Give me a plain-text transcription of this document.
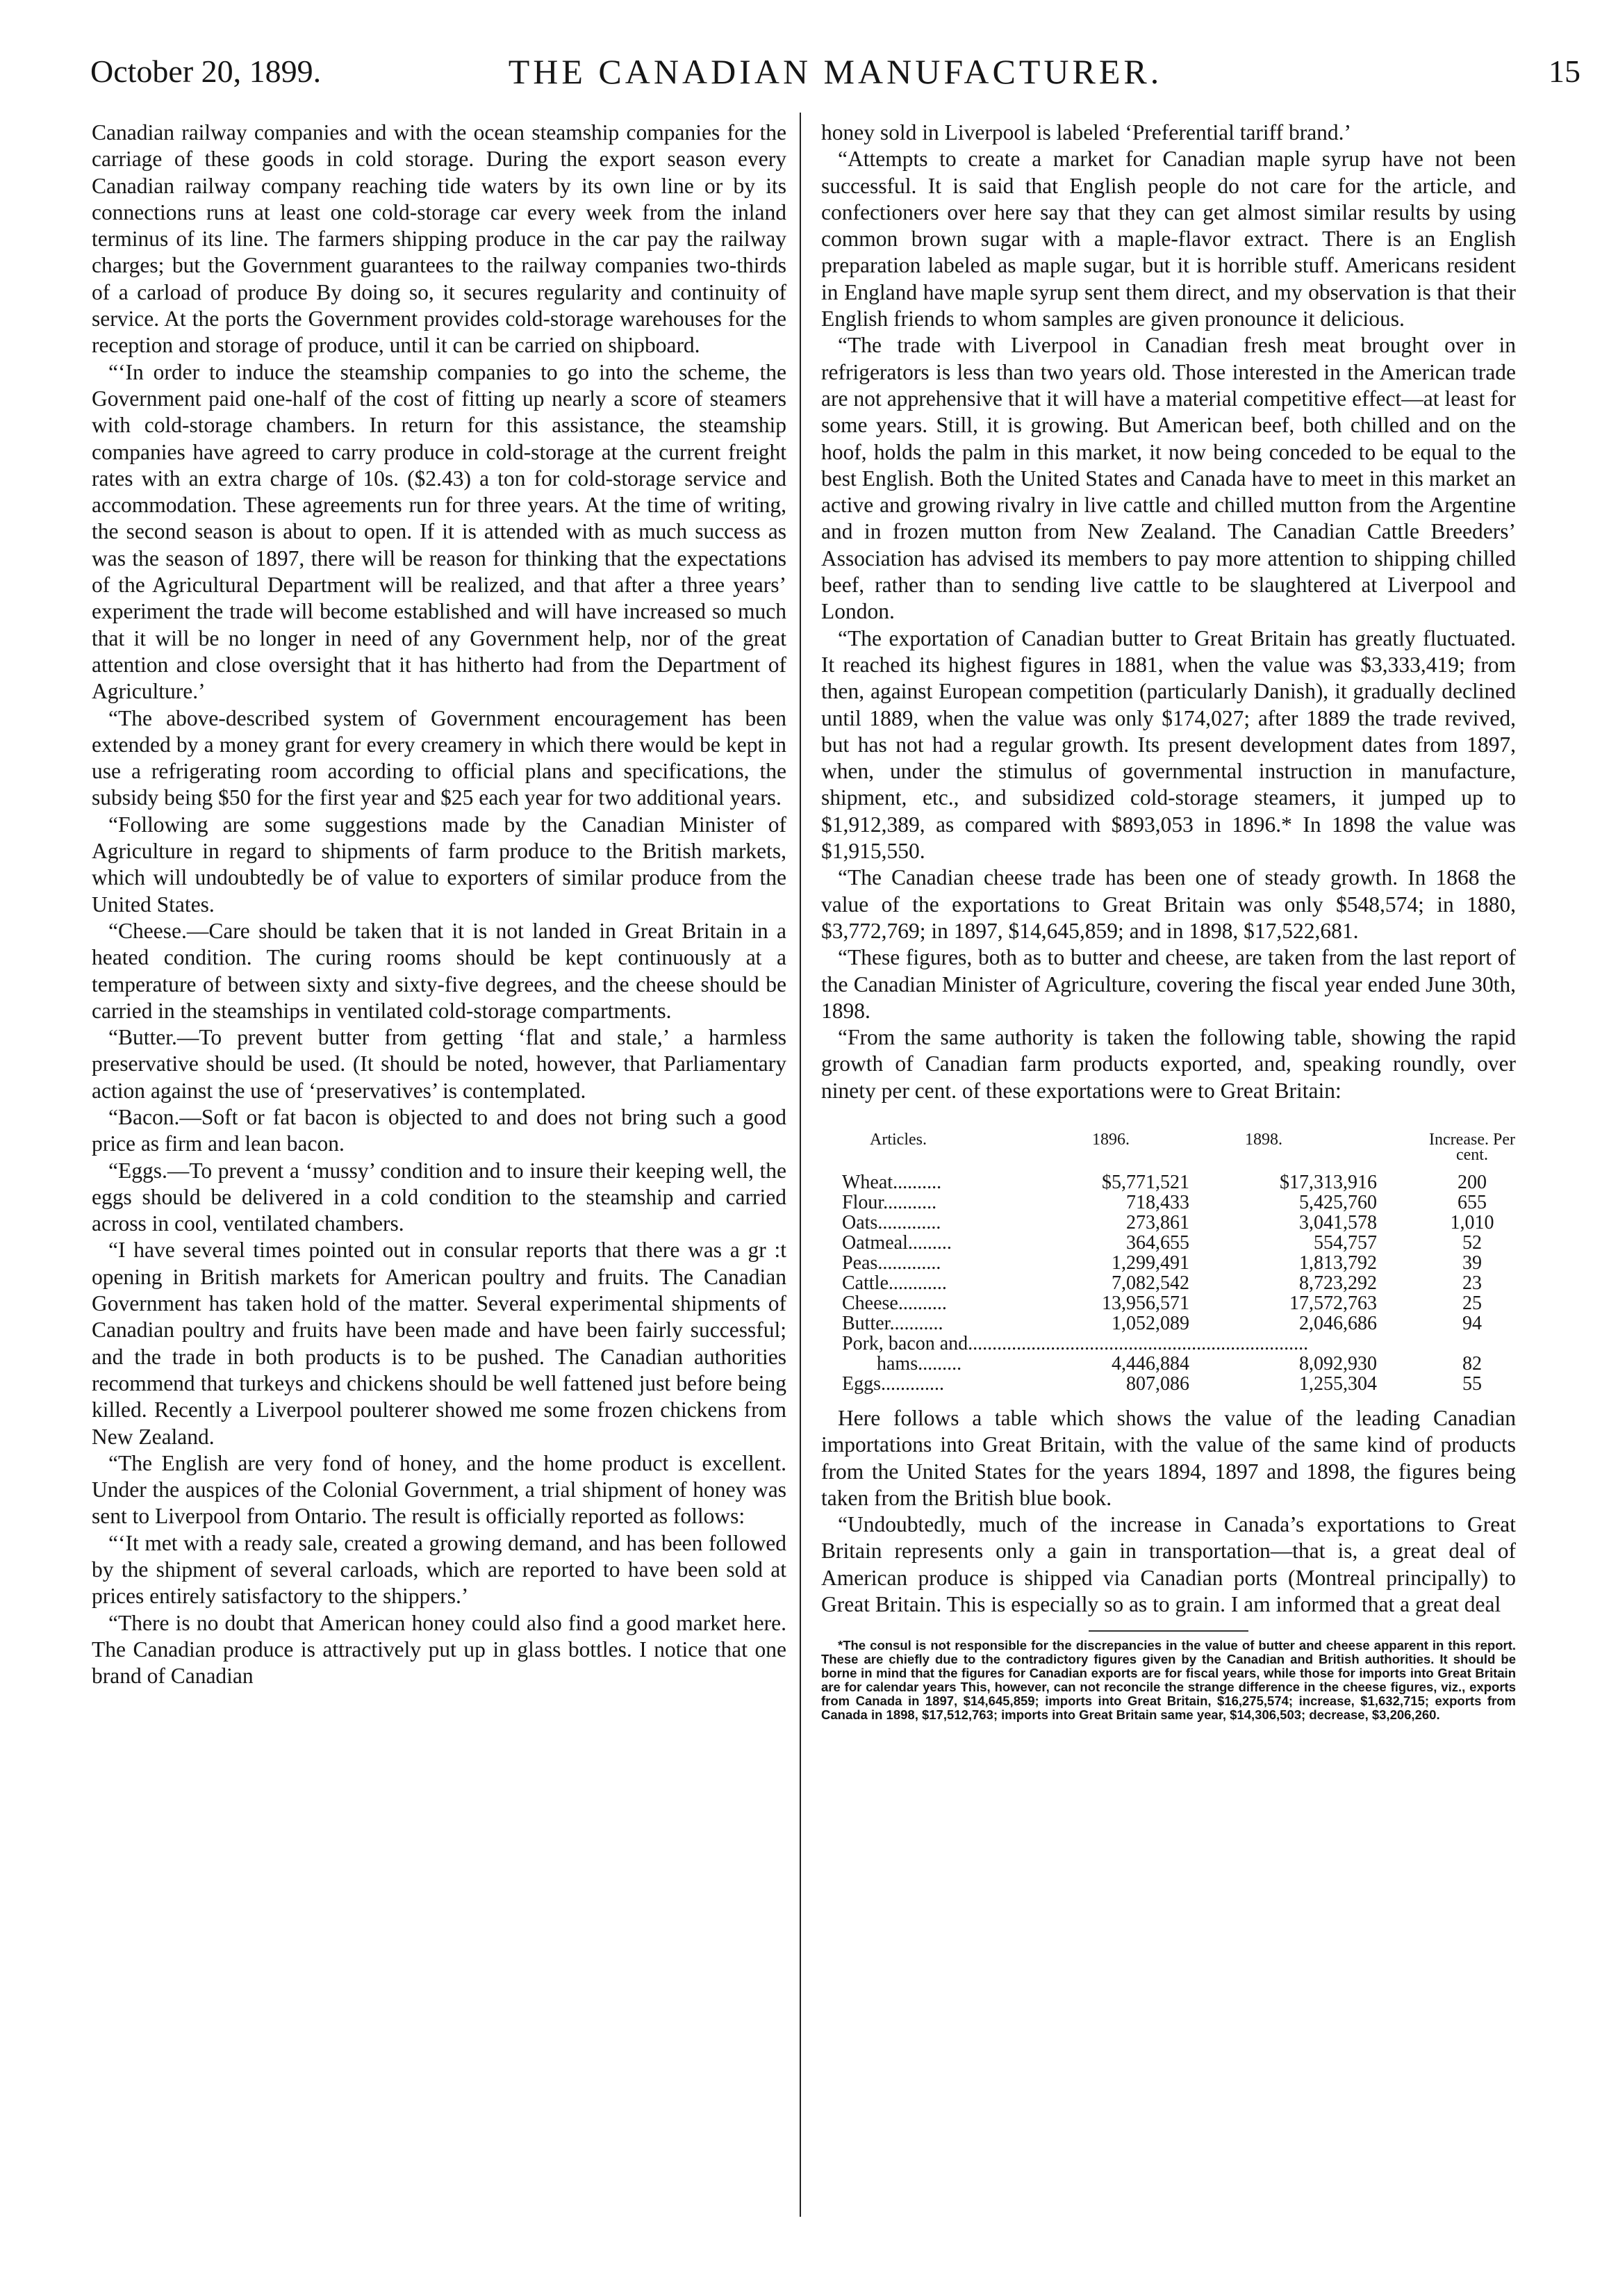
October 20, 1899.	THE CANADIAN MANUFACTURER.	15

Canadian railway companies and with the ocean steamship companies for the carriage of these goods in cold storage. During the export season every Canadian railway company reaching tide waters by its own line or by its connections runs at least one cold-storage car every week from the inland terminus of its line. The farmers shipping produce in the car pay the railway charges; but the Government guarantees to the railway companies two-thirds of a carload of produce By doing so, it secures regularity and continuity of service. At the ports the Government provides cold-storage warehouses for the reception and storage of produce, until it can be carried on shipboard.

“‘In order to induce the steamship companies to go into the scheme, the Government paid one-half of the cost of fitting up nearly a score of steamers with cold-storage chambers. In return for this assistance, the steamship companies have agreed to carry produce in cold-storage at the current freight rates with an extra charge of 10s. ($2.43) a ton for cold-storage service and accommodation. These agreements run for three years. At the time of writing, the second season is about to open. If it is attended with as much success as was the season of 1897, there will be reason for thinking that the expectations of the Agricultural Department will be realized, and that after a three years’ experiment the trade will become established and will have increased so much that it will be no longer in need of any Government help, nor of the great attention and close oversight that it has hitherto had from the Department of Agriculture.’

“The above-described system of Government encouragement has been extended by a money grant for every creamery in which there would be kept in use a refrigerating room according to official plans and specifications, the subsidy being $50 for the first year and $25 each year for two additional years.

“Following are some suggestions made by the Canadian Minister of Agriculture in regard to shipments of farm produce to the British markets, which will undoubtedly be of value to exporters of similar produce from the United States.

“Cheese.—Care should be taken that it is not landed in Great Britain in a heated condition. The curing rooms should be kept continuously at a temperature of between sixty and sixty-five degrees, and the cheese should be carried in the steamships in ventilated cold-storage compartments.

“Butter.—To prevent butter from getting ‘flat and stale,’ a harmless preservative should be used. (It should be noted, however, that Parliamentary action against the use of ‘preservatives’ is contemplated.

“Bacon.—Soft or fat bacon is objected to and does not bring such a good price as firm and lean bacon.

“Eggs.—To prevent a ‘mussy’ condition and to insure their keeping well, the eggs should be delivered in a cold condition to the steamship and carried across in cool, ventilated chambers.

“I have several times pointed out in consular reports that there was a gr :t opening in British markets for American poultry and fruits. The Canadian Government has taken hold of the matter. Several experimental shipments of Canadian poultry and fruits have been made and have been fairly successful; and the trade in both products is to be pushed. The Canadian authorities recommend that turkeys and chickens should be well fattened just before being killed. Recently a Liverpool poulterer showed me some frozen chickens from New Zealand.

“The English are very fond of honey, and the home product is excellent. Under the auspices of the Colonial Government, a trial shipment of honey was sent to Liverpool from Ontario. The result is officially reported as follows:

“‘It met with a ready sale, created a growing demand, and has been followed by the shipment of several carloads, which are reported to have been sold at prices entirely satisfactory to the shippers.’

“There is no doubt that American honey could also find a good market here. The Canadian produce is attractively put up in glass bottles. I notice that one brand of Canadian

honey sold in Liverpool is labeled ‘Preferential tariff brand.’

“Attempts to create a market for Canadian maple syrup have not been successful. It is said that English people do not care for the article, and confectioners over here say that they can get almost similar results by using common brown sugar with a maple-flavor extract. There is an English preparation labeled as maple sugar, but it is horrible stuff. Americans resident in England have maple syrup sent them direct, and my observation is that their English friends to whom samples are given pronounce it delicious.

“The trade with Liverpool in Canadian fresh meat brought over in refrigerators is less than two years old. Those interested in the American trade are not apprehensive that it will have a material competitive effect—at least for some years. Still, it is growing. But American beef, both chilled and on the hoof, holds the palm in this market, it now being conceded to be equal to the best English. Both the United States and Canada have to meet in this market an active and growing rivalry in live cattle and chilled mutton from the Argentine and in frozen mutton from New Zealand. The Canadian Cattle Breeders’ Association has advised its members to pay more attention to shipping chilled beef, rather than to sending live cattle to be slaughtered at Liverpool and London.

“The exportation of Canadian butter to Great Britain has greatly fluctuated. It reached its highest figures in 1881, when the value was $3,333,419; from then, against European competition (particularly Danish), it gradually declined until 1889, when the value was only $174,027; after 1889 the trade revived, but has not had a regular growth. Its present development dates from 1897, when, under the stimulus of governmental instruction in manufacture, shipment, etc., and subsidized cold-storage steamers, it jumped up to $1,912,389, as compared with $893,053 in 1896.* In 1898 the value was $1,915,550.

“The Canadian cheese trade has been one of steady growth. In 1868 the value of the exportations to Great Britain was only $548,574; in 1880, $3,772,769; in 1897, $14,645,859; and in 1898, $17,522,681.

“These figures, both as to butter and cheese, are taken from the last report of the Canadian Minister of Agriculture, covering the fiscal year ended June 30th, 1898.

“From the same authority is taken the following table, showing the rapid growth of Canadian farm products exported, and, speaking roundly, over ninety per cent. of these exportations were to Great Britain:

Articles.	1896.	1898.	Increase. Per cent.
Wheat..........	$5,771,521	$17,313,916	200
Flour...........	718,433	5,425,760	655
Oats.............	273,861	3,041,578	1,010
Oatmeal.........	364,655	554,757	52
Peas.............	1,299,491	1,813,792	39
Cattle............	7,082,542	8,723,292	23
Cheese..........	13,956,571	17,572,763	25
Butter...........	1,052,089	2,046,686	94
Pork, bacon and......................................................................
hams.........	4,446,884	8,092,930	82
Eggs.............	807,086	1,255,304	55

Here follows a table which shows the value of the leading Canadian importations into Great Britain, with the value of the same kind of products from the United States for the years 1894, 1897 and 1898, the figures being taken from the British blue book.

“Undoubtedly, much of the increase in Canada’s exportations to Great Britain represents only a gain in transportation—that is, a great deal of American produce is shipped via Canadian ports (Montreal principally) to Great Britain. This is especially so as to grain. I am informed that a great deal

*The consul is not responsible for the discrepancies in the value of butter and cheese apparent in this report. These are chiefly due to the contradictory figures given by the Canadian and British authorities. It should be borne in mind that the figures for Canadian exports are for fiscal years, while those for imports into Great Britain are for calendar years This, however, can not reconcile the strange difference in the cheese figures, viz., exports from Canada in 1897, $14,645,859; imports into Great Britain, $16,275,574; increase, $1,632,715; exports from Canada in 1898, $17,512,763; imports into Great Britain same year, $14,306,503; decrease, $3,206,260.
